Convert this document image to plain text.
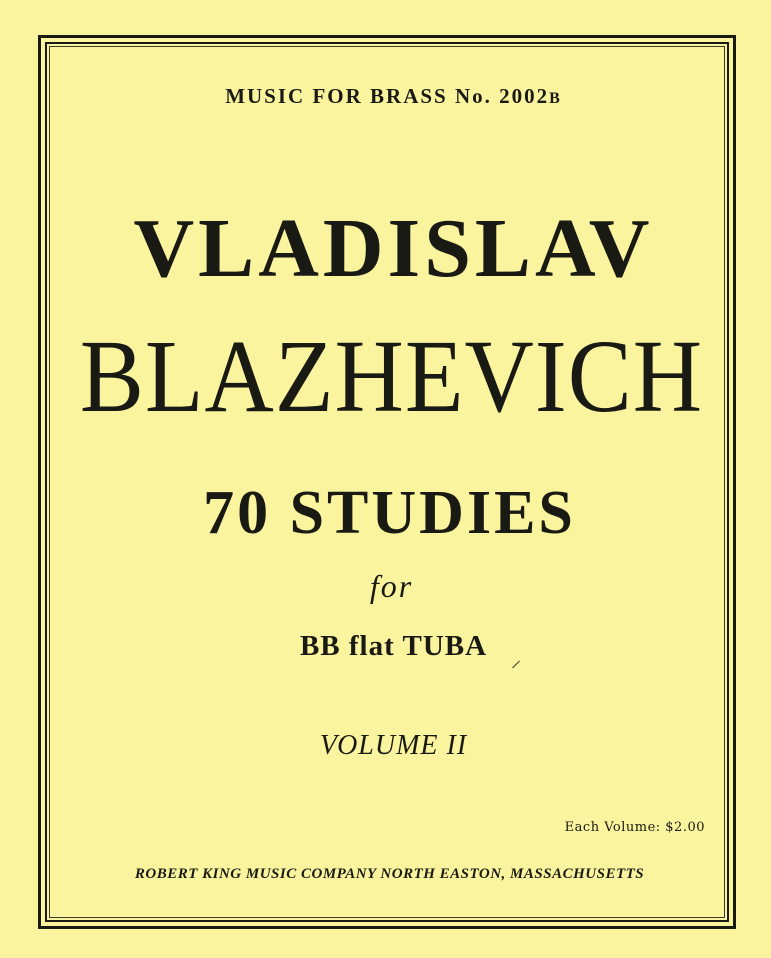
MUSIC FOR BRASS No. 2002B
VLADISLAV
BLAZHEVICH
70 STUDIES
for
BB flat TUBA
VOLUME II
Each Volume: $2.00
ROBERT KING MUSIC COMPANY NORTH EASTON, MASSACHUSETTS
